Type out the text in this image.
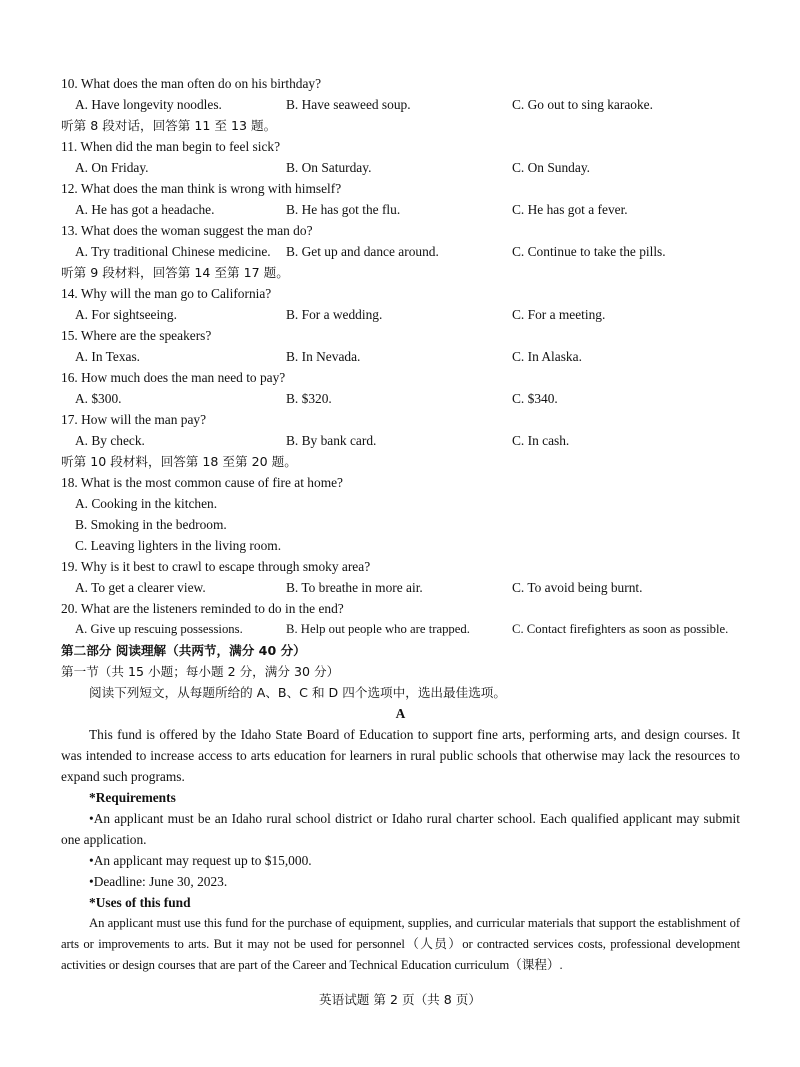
10. What does the man often do on his birthday?
A. Have longevity noodles.	B. Have seaweed soup.	C. Go out to sing karaoke.
听第 8 段对话，回答第 11 至 13 题。
11. When did the man begin to feel sick?
A. On Friday.	B. On Saturday.	C. On Sunday.
12. What does the man think is wrong with himself?
A. He has got a headache.	B. He has got the flu.	C. He has got a fever.
13. What does the woman suggest the man do?
A. Try traditional Chinese medicine. B. Get up and dance around.	C. Continue to take the pills.
听第 9 段材料，回答第 14 至第 17 题。
14. Why will the man go to California?
A. For sightseeing.	B. For a wedding.	C. For a meeting.
15. Where are the speakers?
A. In Texas.	B. In Nevada.	C. In Alaska.
16. How much does the man need to pay?
A. $300.	B. $320.	C. $340.
17. How will the man pay?
A. By check.	B. By bank card.	C. In cash.
听第 10 段材料，回答第 18 至第 20 题。
18. What is the most common cause of fire at home?
A. Cooking in the kitchen.
B. Smoking in the bedroom.
C. Leaving lighters in the living room.
19. Why is it best to crawl to escape through smoky area?
A. To get a clearer view.	B. To breathe in more air.	C. To avoid being burnt.
20. What are the listeners reminded to do in the end?
A. Give up rescuing possessions.	B. Help out people who are trapped.	C. Contact firefighters as soon as possible.
第二部分 阅读理解（共两节，满分 40 分）
第一节（共 15 小题；每小题 2 分，满分 30 分）
阅读下列短文，从每题所给的 A、B、C 和 D 四个选项中，选出最佳选项。
A

This fund is offered by the Idaho State Board of Education to support fine arts, performing arts, and design courses. It was intended to increase access to arts education for learners in rural public schools that otherwise may lack the resources to expand such programs.

*Requirements

•An applicant must be an Idaho rural school district or Idaho rural charter school. Each qualified applicant may submit one application.

•An applicant may request up to $15,000.
•Deadline: June 30, 2023.
*Uses of this fund

An applicant must use this fund for the purchase of equipment, supplies, and curricular materials that support the establishment of arts or improvements to arts. But it may not be used for personnel（人员）or contracted services costs, professional development activities or design courses that are part of the Career and Technical Education curriculum（课程）.

英语试题 第 2 页（共 8 页）
